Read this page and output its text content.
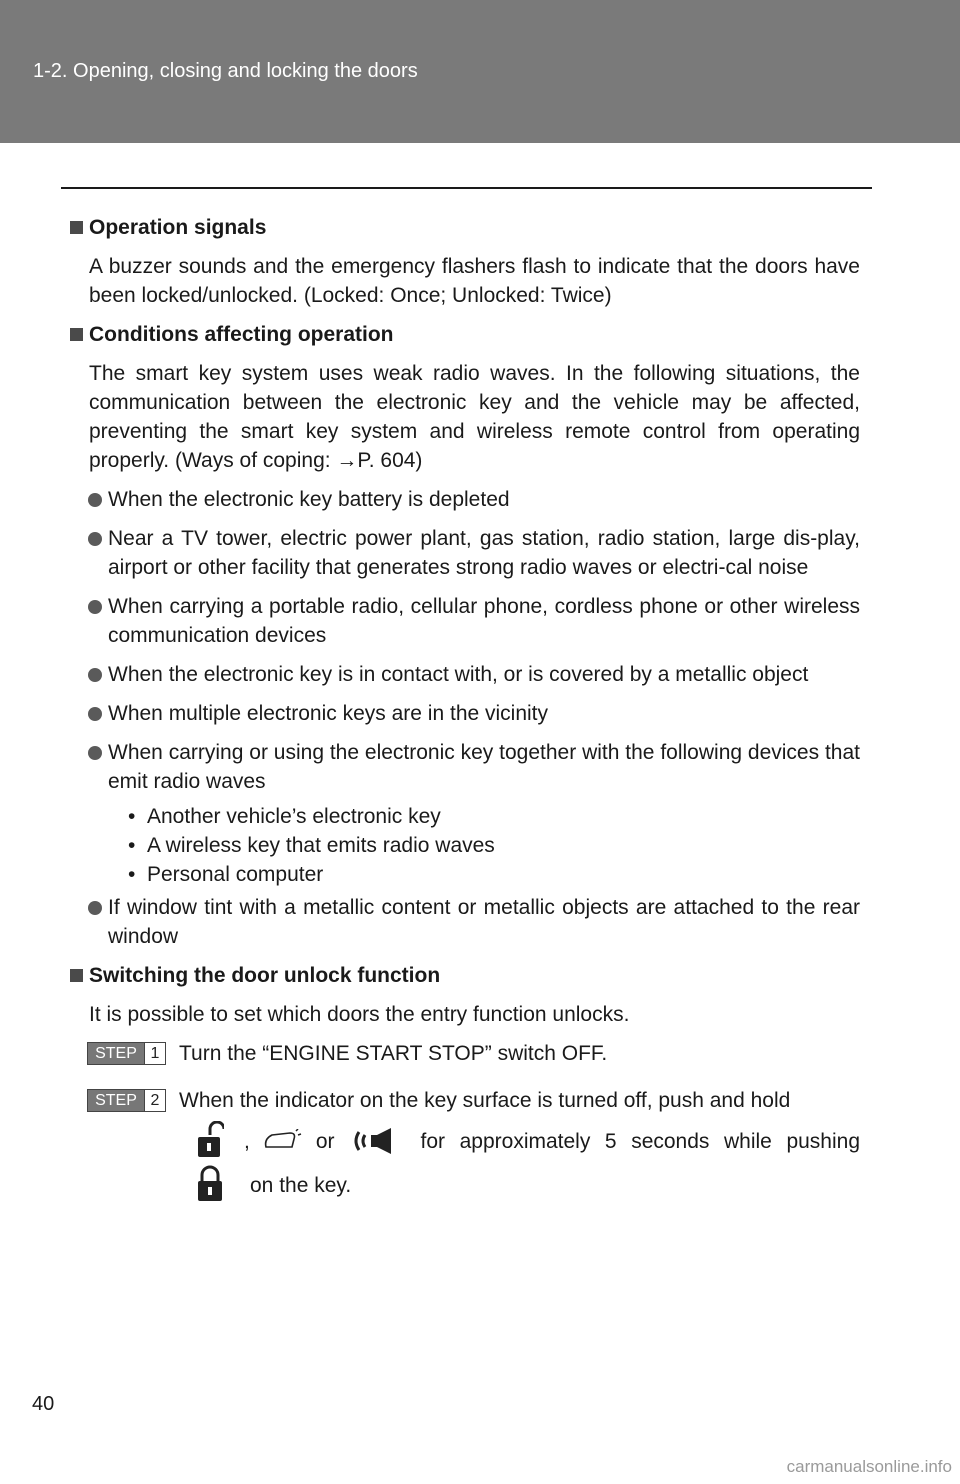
1-2. Opening, closing and locking the doors
Operation signals
A buzzer sounds and the emergency flashers flash to indicate that the doors have been locked/unlocked. (Locked: Once; Unlocked: Twice)
Conditions affecting operation
The smart key system uses weak radio waves. In the following situations, the communication between the electronic key and the vehicle may be affected, preventing the smart key system and wireless remote control from operating properly. (Ways of coping: →P. 604)
When the electronic key battery is depleted
Near a TV tower, electric power plant, gas station, radio station, large dis-play, airport or other facility that generates strong radio waves or electri-cal noise
When carrying a portable radio, cellular phone, cordless phone or other wireless communication devices
When the electronic key is in contact with, or is covered by a metallic object
When multiple electronic keys are in the vicinity
When carrying or using the electronic key together with the following devices that emit radio waves
• Another vehicle’s electronic key
• A wireless key that emits radio waves
• Personal computer
If window tint with a metallic content or metallic objects are attached to the rear window
Switching the door unlock function
It is possible to set which doors the entry function unlocks.
STEP 1 Turn the “ENGINE START STOP” switch OFF.
STEP 2 When the indicator on the key surface is turned off, push and hold
,	or	for approximately 5 seconds while pushing
on the key.
40
carmanualsonline.info
